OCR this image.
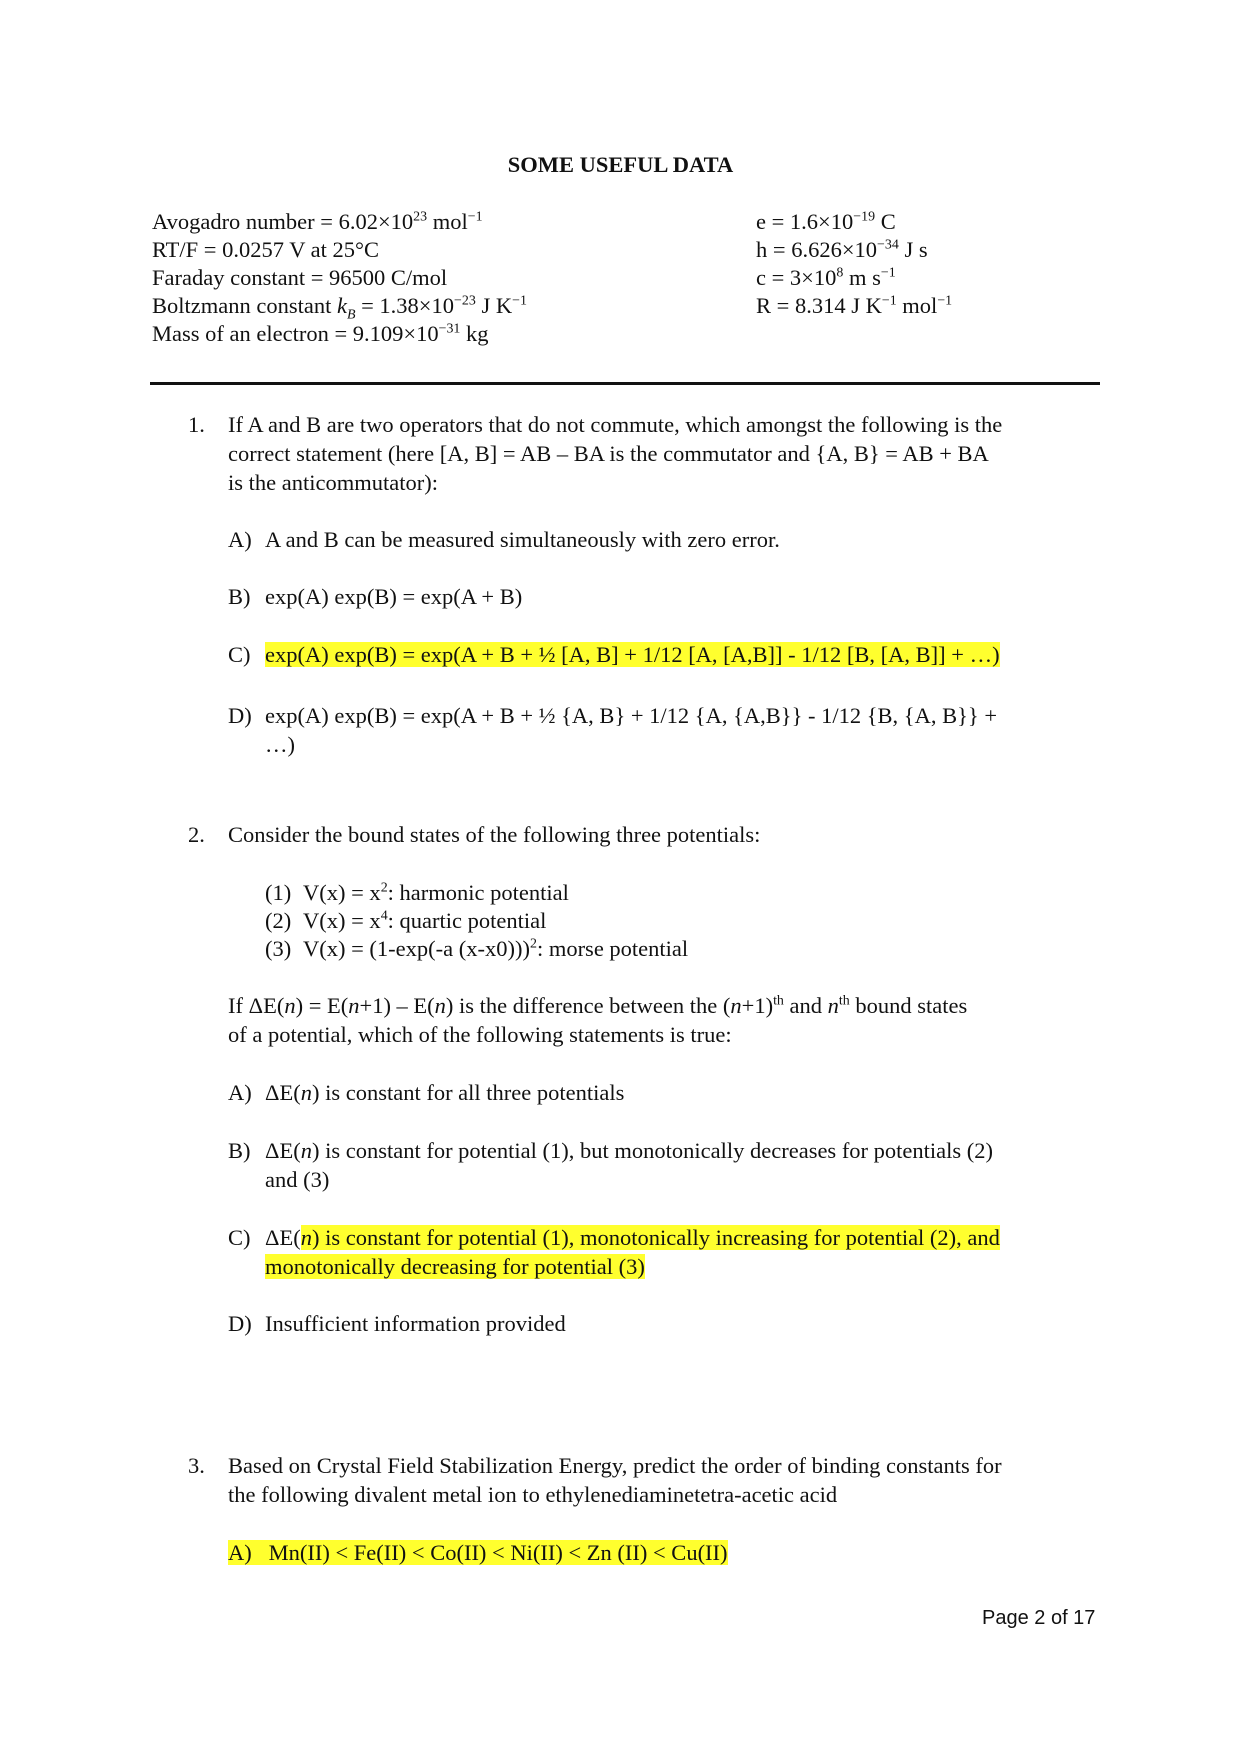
SOME USEFUL DATA
Avogadro number = $6.02\times 10^{23}$ mol$^{-1}$
RT/F = 0.0257 V at 25°C
Faraday constant = 96500 C/mol
Boltzmann constant $k_B = 1.38\times 10^{-23}$ J $K^{-1}$
Mass of an electron = $9.109\times 10^{-31}$ kg
$e = 1.6\times 10^{-19}$ C
$h = 6.626\times 10^{-34}$ J s
$c = 3\times 10^8$ m $s^{-1}$
R = 8.314 J $K^{-1}$ mol$^{-1}$
1. If A and B are two operators that do not commute, which amongst the following is the
correct statement (here [A, B] = AB – BA is the commutator and {A, B} = AB + BA
is the anticommutator):
A) A and B can be measured simultaneously with zero error.
B) exp(A) exp(B) = exp(A + B)
C) exp(A) exp(B) = exp(A + B + ½ [A, B] + 1/12 [A, [A,B]] - 1/12 [B, [A, B]] + …)
D) exp(A) exp(B) = exp(A + B + ½ {A, B} + 1/12 {A, {A,B}} - 1/12 {B, {A, B}} +
…)
2. Consider the bound states of the following three potentials:
(1) $V(x) = x^2$: harmonic potential
(2) $V(x) = x^4$: quartic potential
(3) V(x) = (1-exp(-a (x-x0)))$^2$: morse potential
If ΔE(n) = E(n+1) – E(n) is the difference between the $(n+1)^{th}$ and $n^{th}$ bound states
of a potential, which of the following statements is true:
A) ΔE(n) is constant for all three potentials
B) ΔE(n) is constant for potential (1), but monotonically decreases for potentials (2)
and (3)
C) ΔE(n) is constant for potential (1), monotonically increasing for potential (2), and
monotonically decreasing for potential (3)
D) Insufficient information provided
3. Based on Crystal Field Stabilization Energy, predict the order of binding constants for
the following divalent metal ion to ethylenediaminetetra-acetic acid
A) Mn(II) < Fe(II) < Co(II) < Ni(II) < Zn (II) < Cu(II)
Page 2 of 17
